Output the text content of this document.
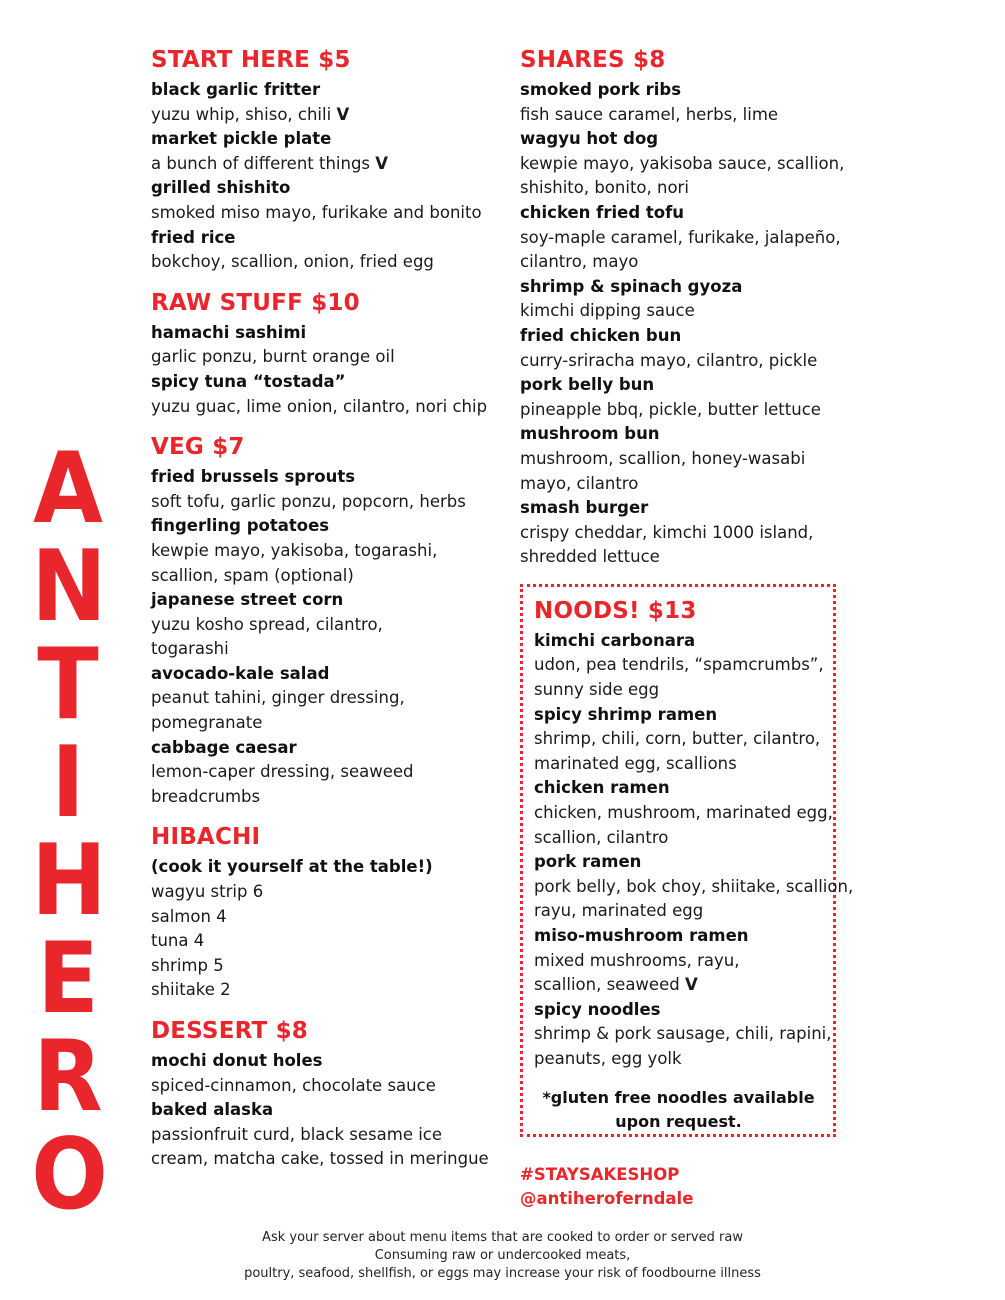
A
N
T
I
H
E
R
O
START HERE $5
black garlic fritter
yuzu whip, shiso, chili V
market pickle plate
a bunch of different things V
grilled shishito
smoked miso mayo, furikake and bonito
fried rice
bokchoy, scallion, onion, fried egg
RAW STUFF $10
hamachi sashimi
garlic ponzu, burnt orange oil
spicy tuna “tostada”
yuzu guac, lime onion, cilantro, nori chip
VEG $7
fried brussels sprouts
soft tofu, garlic ponzu, popcorn, herbs
fingerling potatoes
kewpie mayo, yakisoba, togarashi,
scallion, spam (optional)
japanese street corn
yuzu kosho spread, cilantro,
togarashi
avocado-kale salad
peanut tahini, ginger dressing,
pomegranate
cabbage caesar
lemon-caper dressing, seaweed
breadcrumbs
HIBACHI
(cook it yourself at the table!)
wagyu strip 6
salmon 4
tuna 4
shrimp 5
shiitake 2
DESSERT $8
mochi donut holes
spiced-cinnamon, chocolate sauce
baked alaska
passionfruit curd, black sesame ice
cream, matcha cake, tossed in meringue
SHARES $8
smoked pork ribs
fish sauce caramel, herbs, lime
wagyu hot dog
kewpie mayo, yakisoba sauce, scallion,
shishito, bonito, nori
chicken fried tofu
soy-maple caramel, furikake, jalapeño,
cilantro, mayo
shrimp & spinach gyoza
kimchi dipping sauce
fried chicken bun
curry-sriracha mayo, cilantro, pickle
pork belly bun
pineapple bbq, pickle, butter lettuce
mushroom bun
mushroom, scallion, honey-wasabi
mayo, cilantro
smash burger
crispy cheddar, kimchi 1000 island,
shredded lettuce
NOODS! $13
kimchi carbonara
udon, pea tendrils, “spamcrumbs”,
sunny side egg
spicy shrimp ramen
shrimp, chili, corn, butter, cilantro,
marinated egg, scallions
chicken ramen
chicken, mushroom, marinated egg,
scallion, cilantro
pork ramen
pork belly, bok choy, shiitake, scallion,
rayu, marinated egg
miso-mushroom ramen
mixed mushrooms, rayu,
scallion, seaweed V
spicy noodles
shrimp & pork sausage, chili, rapini,
peanuts, egg yolk
*gluten free noodles available upon request.
#STAYSAKESHOP
@antiheroferndale
Ask your server about menu items that are cooked to order or served raw
Consuming raw or undercooked meats,
poultry, seafood, shellfish, or eggs may increase your risk of foodbourne illness
